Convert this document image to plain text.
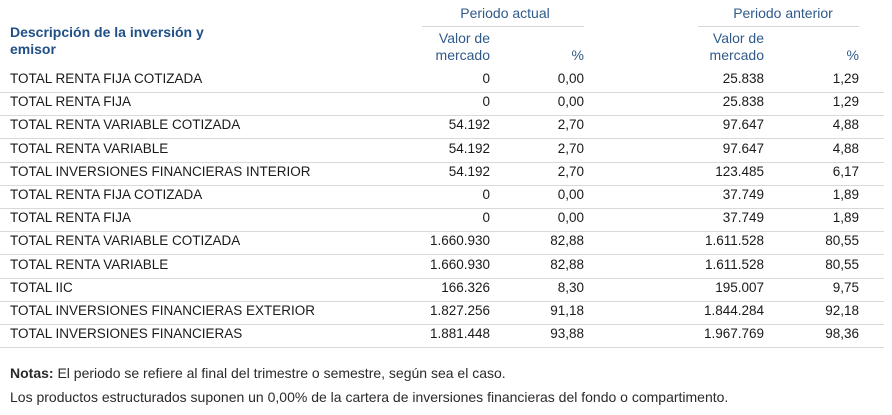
Periodo actual	Periodo anterior
Descripción de la inversión y emisor
Valor de mercado	%
Valor de mercado	%
TOTAL RENTA FIJA COTIZADA	0	0,00	25.838	1,29
TOTAL RENTA FIJA	0	0,00	25.838	1,29
TOTAL RENTA VARIABLE COTIZADA	54.192	2,70	97.647	4,88
TOTAL RENTA VARIABLE	54.192	2,70	97.647	4,88
TOTAL INVERSIONES FINANCIERAS INTERIOR	54.192	2,70	123.485	6,17
TOTAL RENTA FIJA COTIZADA	0	0,00	37.749	1,89
TOTAL RENTA FIJA	0	0,00	37.749	1,89
TOTAL RENTA VARIABLE COTIZADA	1.660.930	82,88	1.611.528	80,55
TOTAL RENTA VARIABLE	1.660.930	82,88	1.611.528	80,55
TOTAL IIC	166.326	8,30	195.007	9,75
TOTAL INVERSIONES FINANCIERAS EXTERIOR	1.827.256	91,18	1.844.284	92,18
TOTAL INVERSIONES FINANCIERAS	1.881.448	93,88	1.967.769	98,36
Notas: El periodo se refiere al final del trimestre o semestre, según sea el caso.
Los productos estructurados suponen un 0,00% de la cartera de inversiones financieras del fondo o compartimento.
